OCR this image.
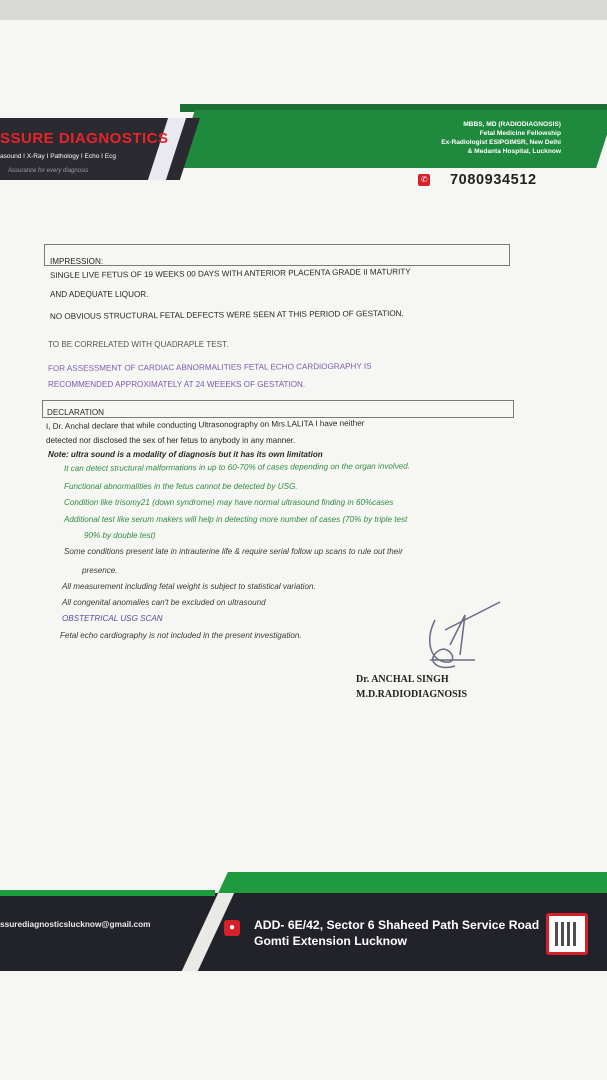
SSURE DIAGNOSTICS
asound I X-Ray I Pathology I Echo I Ecg
Assurance for every diagnosis
MBBS, MD (RADIODIAGNOSIS)
Fetal Medicine Fellowship
Ex-Radiologist ESIPGIMSR, New Delhi
& Medanta Hospital, Lucknow
✆ 7080934512
IMPRESSION:
SINGLE LIVE FETUS OF 19 WEEKS 00 DAYS WITH ANTERIOR PLACENTA GRADE II MATURITY
AND ADEQUATE LIQUOR.
NO OBVIOUS STRUCTURAL FETAL DEFECTS WERE SEEN AT THIS PERIOD OF GESTATION.
TO BE CORRELATED WITH QUADRAPLE TEST.
FOR ASSESSMENT OF CARDIAC ABNORMALITIES FETAL ECHO CARDIOGRAPHY IS
RECOMMENDED APPROXIMATELY AT 24 WEEEKS OF GESTATION.
DECLARATION
I, Dr. Anchal declare that while conducting Ultrasonography on Mrs.LALITA I have neither
detected nor disclosed the sex of her fetus to anybody in any manner.
Note: ultra sound is a modality of diagnosis but it has its own limitation
It can detect structural malformations in up to 60-70% of cases depending on the organ involved.
Functional abnormalities in the fetus cannot be detected by USG.
Condition like trisomy21 (down syndrome) may have normal ultrasound finding in 60%cases
Additional test like serum makers will help in detecting more number of cases (70% by triple test
90% by double test)
Some conditions present late in intrauterine life & require serial follow up scans to rule out their
presence.
All measurement including fetal weight is subject to statistical variation.
All congenital anomalies can't be excluded on ultrasound
OBSTETRICAL USG SCAN
Fetal echo cardiography is not included in the present investigation.
Dr. ANCHAL SINGH
M.D.RADIODIAGNOSIS
ssurediagnosticslucknow@gmail.com	●	ADD- 6E/42, Sector 6 Shaheed Path Service Road
Gomti Extension Lucknow
